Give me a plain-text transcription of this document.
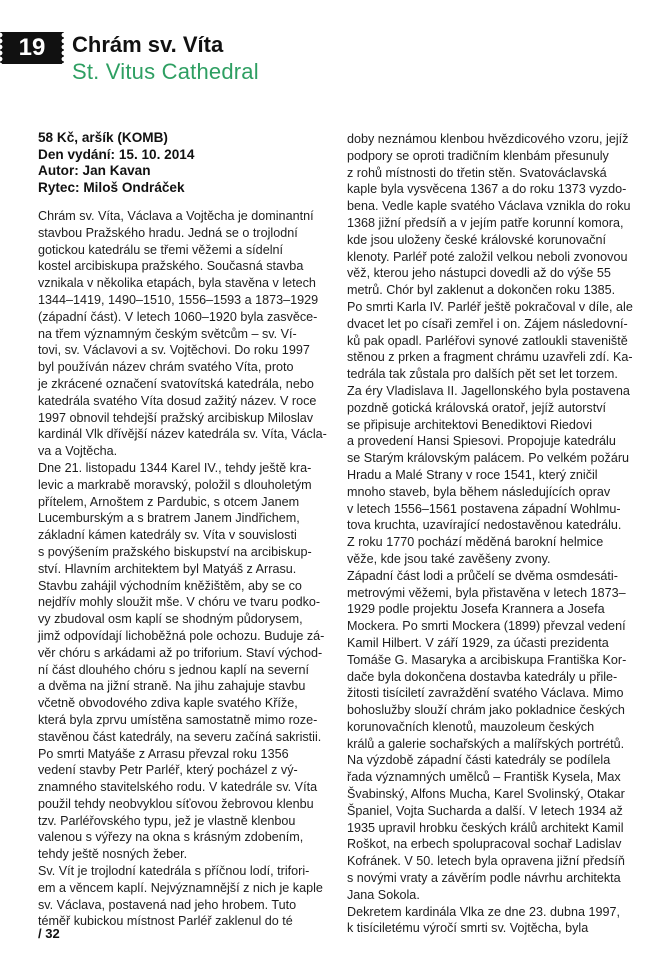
19	Chrám sv. Víta
St. Vitus Cathedral
58 Kč, aršík (KOMB)
Den vydání: 15. 10. 2014
Autor: Jan Kavan
Rytec: Miloš Ondráček
Chrám sv. Víta, Václava a Vojtěcha je dominantní
stavbou Pražského hradu. Jedná se o trojlodní
gotickou katedrálu se třemi věžemi a sídelní
kostel arcibiskupa pražského. Současná stavba
vznikala v několika etapách, byla stavěna v letech
1344–1419, 1490–1510, 1556–1593 a 1873–1929
(západní část). V letech 1060–1920 byla zasvěce-
na třem významným českým světcům – sv. Ví-
tovi, sv. Václavovi a sv. Vojtěchovi. Do roku 1997
byl používán název chrám svatého Víta, proto
je zkrácené označení svatovítská katedrála, nebo
katedrála svatého Víta dosud zažitý název. V roce
1997 obnovil tehdejší pražský arcibiskup Miloslav
kardinál Vlk dřívější název katedrála sv. Víta, Václa-
va a Vojtěcha.
Dne 21. listopadu 1344 Karel IV., tehdy ještě kra-
levic a markrabě moravský, položil s dlouholetým
přítelem, Arnoštem z Pardubic, s otcem Janem
Lucemburským a s bratrem Janem Jindřichem,
základní kámen katedrály sv. Víta v souvislosti
s povýšením pražského biskupství na arcibiskup-
ství. Hlavním architektem byl Matyáš z Arrasu.
Stavbu zahájil východním kněžištěm, aby se co
nejdřív mohly sloužit mše. V chóru ve tvaru podko-
vy zbudoval osm kaplí se shodným půdorysem,
jimž odpovídají lichoběžná pole ochozu. Buduje zá-
věr chóru s arkádami až po triforium. Staví východ-
ní část dlouhého chóru s jednou kaplí na severní
a dvěma na jižní straně. Na jihu zahajuje stavbu
včetně obvodového zdiva kaple svatého Kříže,
která byla zprvu umístěna samostatně mimo roze-
stavěnou část katedrály, na severu začíná sakristii.
Po smrti Matyáše z Arrasu převzal roku 1356
vedení stavby Petr Parléř, který pocházel z vý-
znamného stavitelského rodu. V katedrále sv. Víta
použil tehdy neobvyklou síťovou žebrovou klenbu
tzv. Parléřovského typu, jež je vlastně klenbou
valenou s výřezy na okna s krásným zdobením,
tehdy ještě nosných žeber.
Sv. Vít je trojlodní katedrála s příčnou lodí, trifori-
em a věncem kaplí. Nejvýznamnější z nich je kaple
sv. Václava, postavená nad jeho hrobem. Tuto
téměř kubickou místnost Parléř zaklenul do té
doby neznámou klenbou hvězdicového vzoru, jejíž
podpory se oproti tradičním klenbám přesunuly
z rohů místnosti do třetin stěn. Svatováclavská
kaple byla vysvěcena 1367 a do roku 1373 vyzdo-
bena. Vedle kaple svatého Václava vznikla do roku
1368 jižní předsíň a v jejím patře korunní komora,
kde jsou uloženy české královské korunovační
klenoty. Parléř poté založil velkou neboli zvonovou
věž, kterou jeho nástupci dovedli až do výše 55
metrů. Chór byl zaklenut a dokončen roku 1385.
Po smrti Karla IV. Parléř ještě pokračoval v díle, ale
dvacet let po císaři zemřel i on. Zájem následovní-
ků pak opadl. Parléřovi synové zatloukli staveniště
stěnou z prken a fragment chrámu uzavřeli zdí. Ka-
tedrála tak zůstala pro dalších pět set let torzem.
Za éry Vladislava II. Jagellonského byla postavena
pozdně gotická královská oratoř, jejíž autorství
se připisuje architektovi Benediktovi Riedovi
a provedení Hansi Spiesovi. Propojuje katedrálu
se Starým královským palácem. Po velkém požáru
Hradu a Malé Strany v roce 1541, který zničil
mnoho staveb, byla během následujících oprav
v letech 1556–1561 postavena západní Wohlmu-
tova kruchta, uzavírající nedostavěnou katedrálu.
Z roku 1770 pochází měděná barokní helmice
věže, kde jsou také zavěšeny zvony.
Západní část lodi a průčelí se dvěma osmdesáti-
metrovými věžemi, byla přistavěna v letech 1873–
1929 podle projektu Josefa Krannera a Josefa
Mockera. Po smrti Mockera (1899) převzal vedení
Kamil Hilbert. V září 1929, za účasti prezidenta
Tomáše G. Masaryka a arcibiskupa Františka Kor-
dače byla dokončena dostavba katedrály u přile-
žitosti tisíciletí zavraždění svatého Václava. Mimo
bohoslužby slouží chrám jako pokladnice českých
korunovačních klenotů, mauzoleum českých
králů a galerie sochařských a malířských portrétů.
Na výzdobě západní části katedrály se podílela
řada významných umělců – Františk Kysela, Max
Švabinský, Alfons Mucha, Karel Svolinský, Otakar
Španiel, Vojta Sucharda a další. V letech 1934 až
1935 upravil hrobku českých králů architekt Kamil
Roškot, na erbech spolupracoval sochař Ladislav
Kofránek. V 50. letech byla opravena jižní předsíň
s novými vraty a závěrím podle návrhu architekta
Jana Sokola.
Dekretem kardinála Vlka ze dne 23. dubna 1997,
k tisíciletému výročí smrti sv. Vojtěcha, byla
/ 32
